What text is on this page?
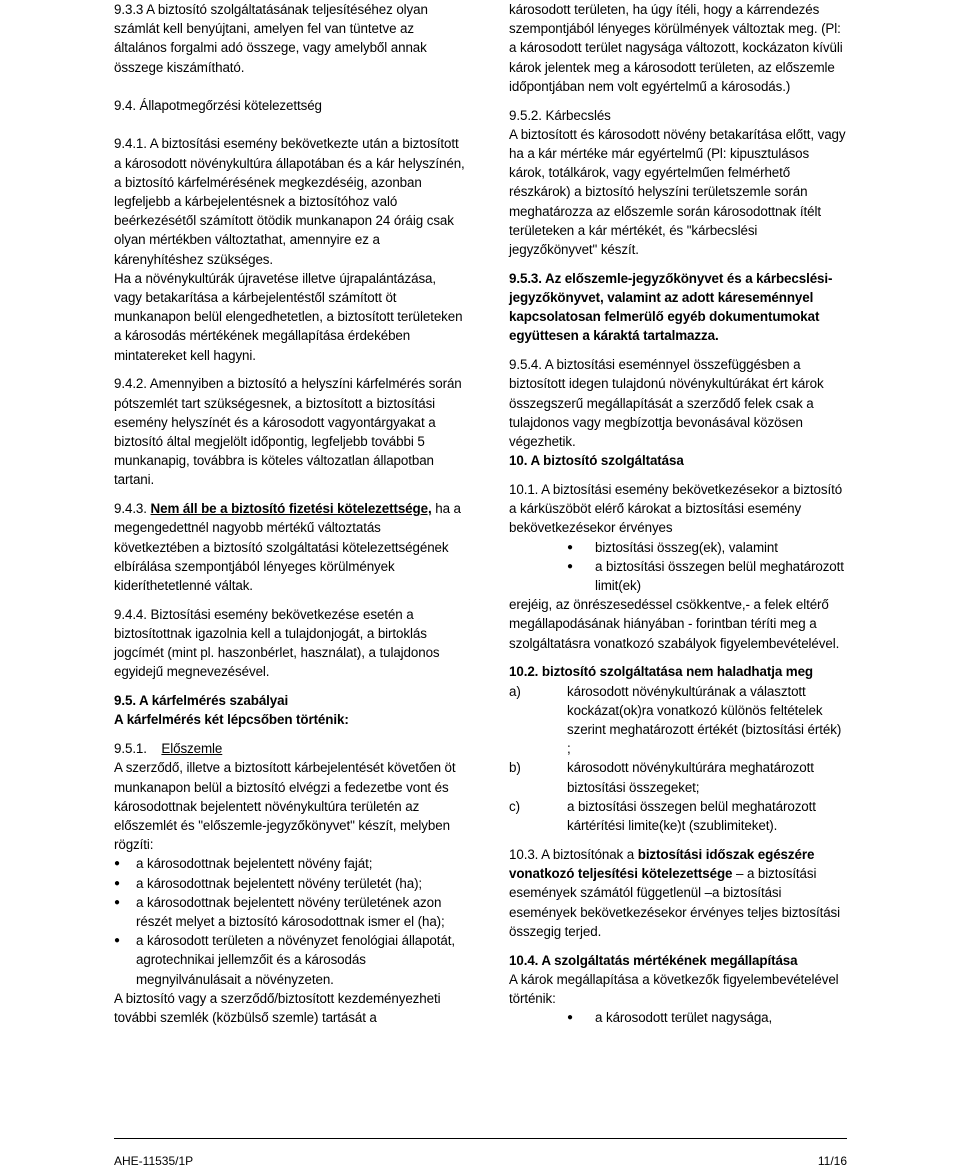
9.3.3 A biztosító szolgáltatásának teljesítéséhez olyan számlát kell benyújtani, amelyen fel van tüntetve az általános forgalmi adó összege, vagy amelyből annak összege kiszámítható.

9.4. Állapotmegőrzési kötelezettség

9.4.1. A biztosítási esemény bekövetkezte után a biztosított a károsodott növénykultúra állapotában és a kár helyszínén, a biztosító kárfelmérésének megkezdéséig, azonban legfeljebb a kárbejelentésnek a biztosítóhoz való beérkezésétől számított ötödik munkanapon 24 óráig csak olyan mértékben változtathat, amennyire ez a kárenyhítéshez szükséges.

Ha a növénykultúrák újravetése illetve újrapalántázása, vagy betakarítása a kárbejelentéstől számított öt munkanapon belül elengedhetetlen, a biztosított területeken a károsodás mértékének megállapítása érdekében mintatereket kell hagyni.

9.4.2. Amennyiben a biztosító a helyszíni kárfelmérés során pótszemlét tart szükségesnek, a biztosított a biztosítási esemény helyszínét és a károsodott vagyontárgyakat a biztosító által megjelölt időpontig, legfeljebb további 5 munkanapig, továbbra is köteles változatlan állapotban tartani.

9.4.3. Nem áll be a biztosító fizetési kötelezettsége, ha a megengedettnél nagyobb mértékű változtatás következtében a biztosító szolgáltatási kötelezettségének elbírálása szempontjából lényeges körülmények kideríthetetlenné váltak.

9.4.4. Biztosítási esemény bekövetkezése esetén a biztosítottnak igazolnia kell a tulajdonjogát, a birtoklás jogcímét (mint pl. haszonbérlet, használat), a tulajdonos egyidejű megnevezésével.

9.5. A kárfelmérés szabályai

A kárfelmérés két lépcsőben történik:

9.5.1. Előszemle

A szerződő, illetve a biztosított kárbejelentését követően öt munkanapon belül a biztosító elvégzi a fedezetbe vont és károsodottnak bejelentett növénykultúra területén az előszemlét és "előszemle-jegyzőkönyvet" készít, melyben rögzíti:

● a károsodottnak bejelentett növény faját;

● a károsodottnak bejelentett növény területét (ha);

● a károsodottnak bejelentett növény területének azon részét melyet a biztosító károsodottnak ismer el (ha);

● a károsodott területen a növényzet fenológiai állapotát, agrotechnikai jellemzőit és a károsodás megnyilvánulásait a növényzeten.

A biztosító vagy a szerződő/biztosított kezdeményezheti további szemlék (közbülső szemle) tartását a

károsodott területen, ha úgy ítéli, hogy a kárrendezés szempontjából lényeges körülmények változtak meg. (Pl: a károsodott terület nagysága változott, kockázaton kívüli károk jelentek meg a károsodott területen, az előszemle időpontjában nem volt egyértelmű a károsodás.)

9.5.2. Kárbecslés

A biztosított és károsodott növény betakarítása előtt, vagy ha a kár mértéke már egyértelmű (Pl: kipusztulásos károk, totálkárok, vagy egyértelműen felmérhető részkárok) a biztosító helyszíni területszemle során meghatározza az előszemle során károsodottnak ítélt területeken a kár mértékét, és "kárbecslési jegyzőkönyvet" készít.

9.5.3. Az előszemle-jegyzőkönyvet és a kárbecslési-jegyzőkönyvet, valamint az adott káreseménnyel kapcsolatosan felmerülő egyéb dokumentumokat együttesen a káraktá tartalmazza.

9.5.4. A biztosítási eseménnyel összefüggésben a biztosított idegen tulajdonú növénykultúrákat ért károk összegszerű megállapítását a szerződő felek csak a tulajdonos vagy megbízottja bevonásával közösen végezhetik.

10. A biztosító szolgáltatása

10.1. A biztosítási esemény bekövetkezésekor a biztosító a kárküszöböt elérő károkat a biztosítási esemény bekövetkezésekor érvényes

● biztosítási összeg(ek), valamint

● a biztosítási összegen belül meghatározott limit(ek)

erejéig, az önrészesedéssel csökkentve,- a felek eltérő megállapodásának hiányában - forintban téríti meg a szolgáltatásra vonatkozó szabályok figyelembevételével.

10.2. biztosító szolgáltatása nem haladhatja meg

a)	károsodott növénykultúrának a választott kockázat(ok)ra vonatkozó különös feltételek szerint meghatározott értékét (biztosítási érték) ;
b)	károsodott növénykultúrára meghatározott biztosítási összegeket;
c)	a biztosítási összegen belül meghatározott kártérítési limite(ke)t (szublimiteket).

10.3. A biztosítónak a biztosítási időszak egészére vonatkozó teljesítési kötelezettsége – a biztosítási események számától függetlenül –a biztosítási események bekövetkezésekor érvényes teljes biztosítási összegig terjed.

10.4. A szolgáltatás mértékének megállapítása

A károk megállapítása a következők figyelembevételével történik:

● a károsodott terület nagysága,

AHE-11535/1P	11/16
